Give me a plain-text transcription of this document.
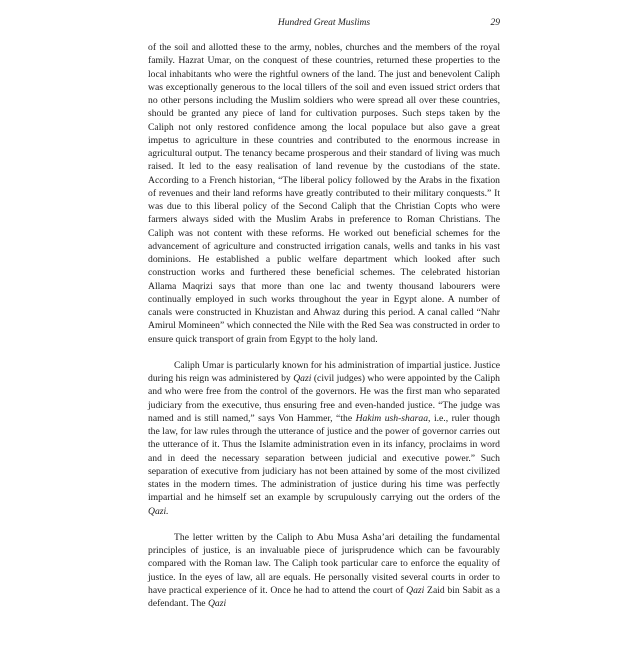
Hundred Great Muslims	29

of the soil and allotted these to the army, nobles, churches and the members of the royal family. Hazrat Umar, on the conquest of these countries, returned these properties to the local inhabitants who were the rightful owners of the land. The just and benevolent Caliph was exceptionally generous to the local tillers of the soil and even issued strict orders that no other persons including the Muslim soldiers who were spread all over these countries, should be granted any piece of land for cultivation purposes. Such steps taken by the Caliph not only restored confidence among the local populace but also gave a great impetus to agriculture in these countries and contributed to the enormous increase in agricultural output. The tenancy became prosperous and their standard of living was much raised. It led to the easy realisation of land revenue by the custodians of the state. According to a French historian, “The liberal policy followed by the Arabs in the fixation of revenues and their land reforms have greatly contributed to their military conquests.” It was due to this liberal policy of the Second Caliph that the Christian Copts who were farmers always sided with the Muslim Arabs in preference to Roman Christians. The Caliph was not content with these reforms. He worked out beneficial schemes for the advancement of agriculture and constructed irrigation canals, wells and tanks in his vast dominions. He established a public welfare department which looked after such construction works and furthered these beneficial schemes. The celebrated historian Allama Maqrizi says that more than one lac and twenty thousand labourers were continually employed in such works throughout the year in Egypt alone. A number of canals were constructed in Khuzistan and Ahwaz during this period. A canal called “Nahr Amirul Momineen” which connected the Nile with the Red Sea was constructed in order to ensure quick transport of grain from Egypt to the holy land.

Caliph Umar is particularly known for his administration of impartial justice. Justice during his reign was administered by Qazi (civil judges) who were appointed by the Caliph and who were free from the control of the governors. He was the first man who separated judiciary from the executive, thus ensuring free and even-handed justice. “The judge was named and is still named,” says Von Hammer, “the Hakim ush-sharaa, i.e., ruler though the law, for law rules through the utterance of justice and the power of governor carries out the utterance of it. Thus the Islamite administration even in its infancy, proclaims in word and in deed the necessary separation between judicial and executive power.” Such separation of executive from judiciary has not been attained by some of the most civilized states in the modern times. The administration of justice during his time was perfectly impartial and he himself set an example by scrupulously carrying out the orders of the Qazi.

The letter written by the Caliph to Abu Musa Asha’ari detailing the fundamental principles of justice, is an invaluable piece of jurisprudence which can be favourably compared with the Roman law. The Caliph took particular care to enforce the equality of justice. In the eyes of law, all are equals. He personally visited several courts in order to have practical experience of it. Once he had to attend the court of Qazi Zaid bin Sabit as a defendant. The Qazi
